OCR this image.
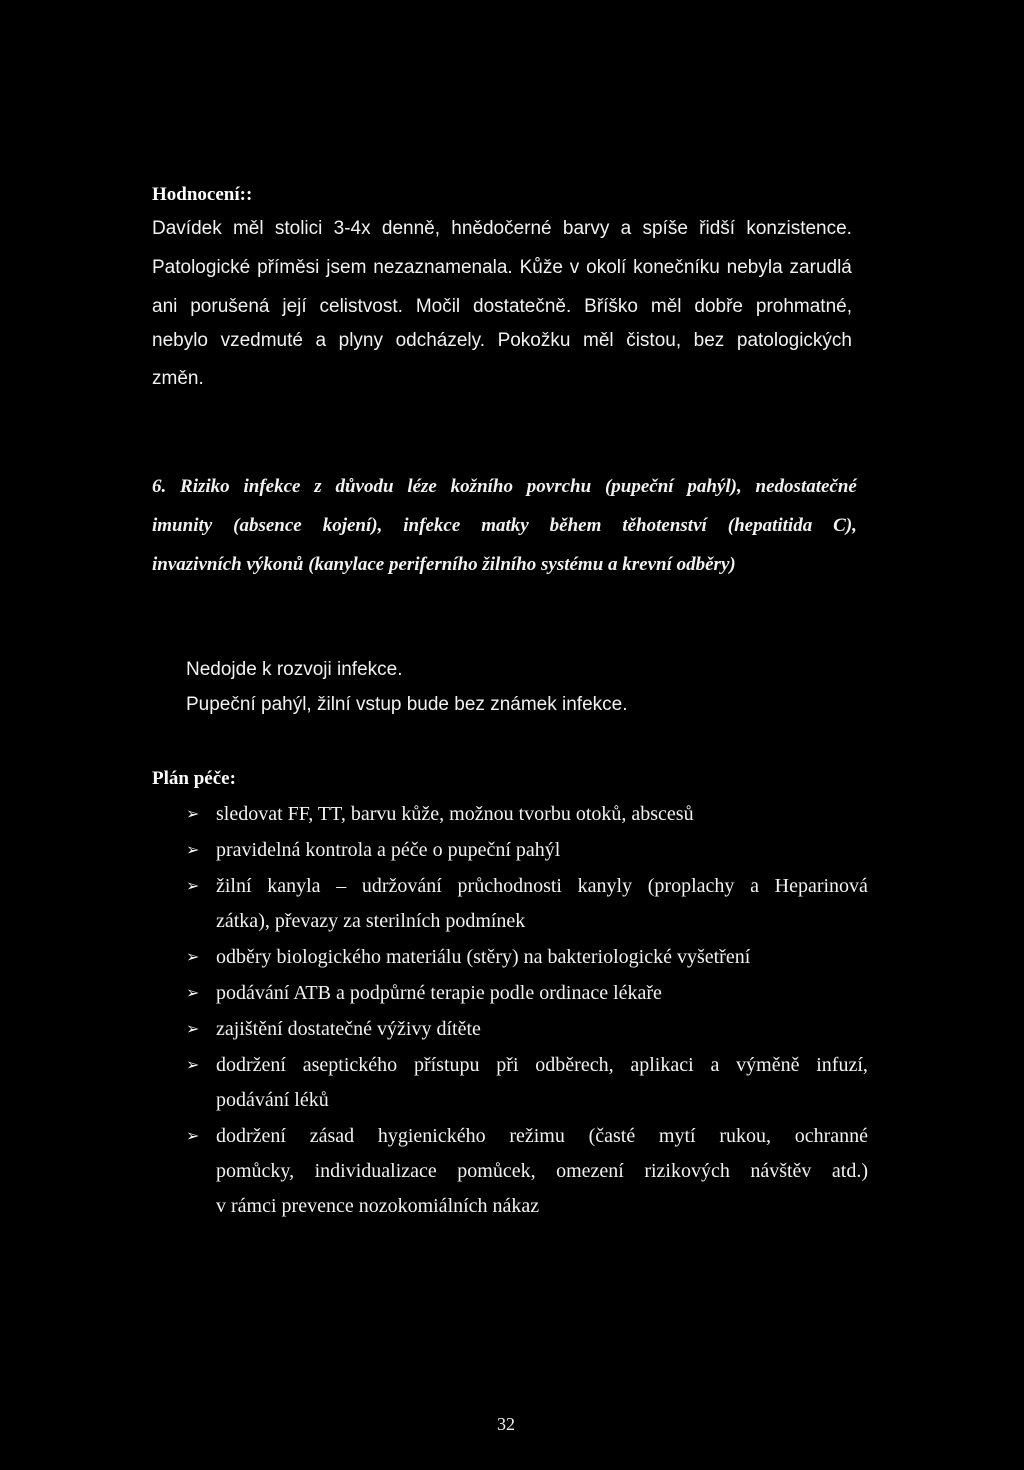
Hodnocení::
Davídek měl stolici 3-4x denně, hnědočerné barvy a spíše řidší konzistence.
Patologické příměsi jsem nezaznamenala. Kůže v okolí konečníku nebyla zarudlá
ani porušená její celistvost. Močil dostatečně. Bříško měl dobře prohmatné,
nebylo vzedmuté a plyny odcházely. Pokožku měl čistou, bez patologických
změn.
6. Riziko infekce z důvodu léze kožního povrchu (pupeční pahýl), nedostatečné
imunity (absence kojení), infekce matky během těhotenství (hepatitida C),
invazivních výkonů (kanylace periferního žilního systému a krevní odběry)
Nedojde k rozvoji infekce.
Pupeční pahýl, žilní vstup bude bez známek infekce.
Plán péče:
➢ sledovat FF, TT, barvu kůže, možnou tvorbu otoků, abscesů
➢ pravidelná kontrola a péče o pupeční pahýl
➢ žilní kanyla – udržování průchodnosti kanyly (proplachy a Heparinová
zátka), převazy za sterilních podmínek
➢ odběry biologického materiálu (stěry) na bakteriologické vyšetření
➢ podávání ATB a podpůrné terapie podle ordinace lékaře
➢ zajištění dostatečné výživy dítěte
➢ dodržení aseptického přístupu při odběrech, aplikaci a výměně infuzí,
podávání léků
➢ dodržení zásad hygienického režimu (časté mytí rukou, ochranné
pomůcky, individualizace pomůcek, omezení rizikových návštěv atd.)
v rámci prevence nozokomiálních nákaz
32
